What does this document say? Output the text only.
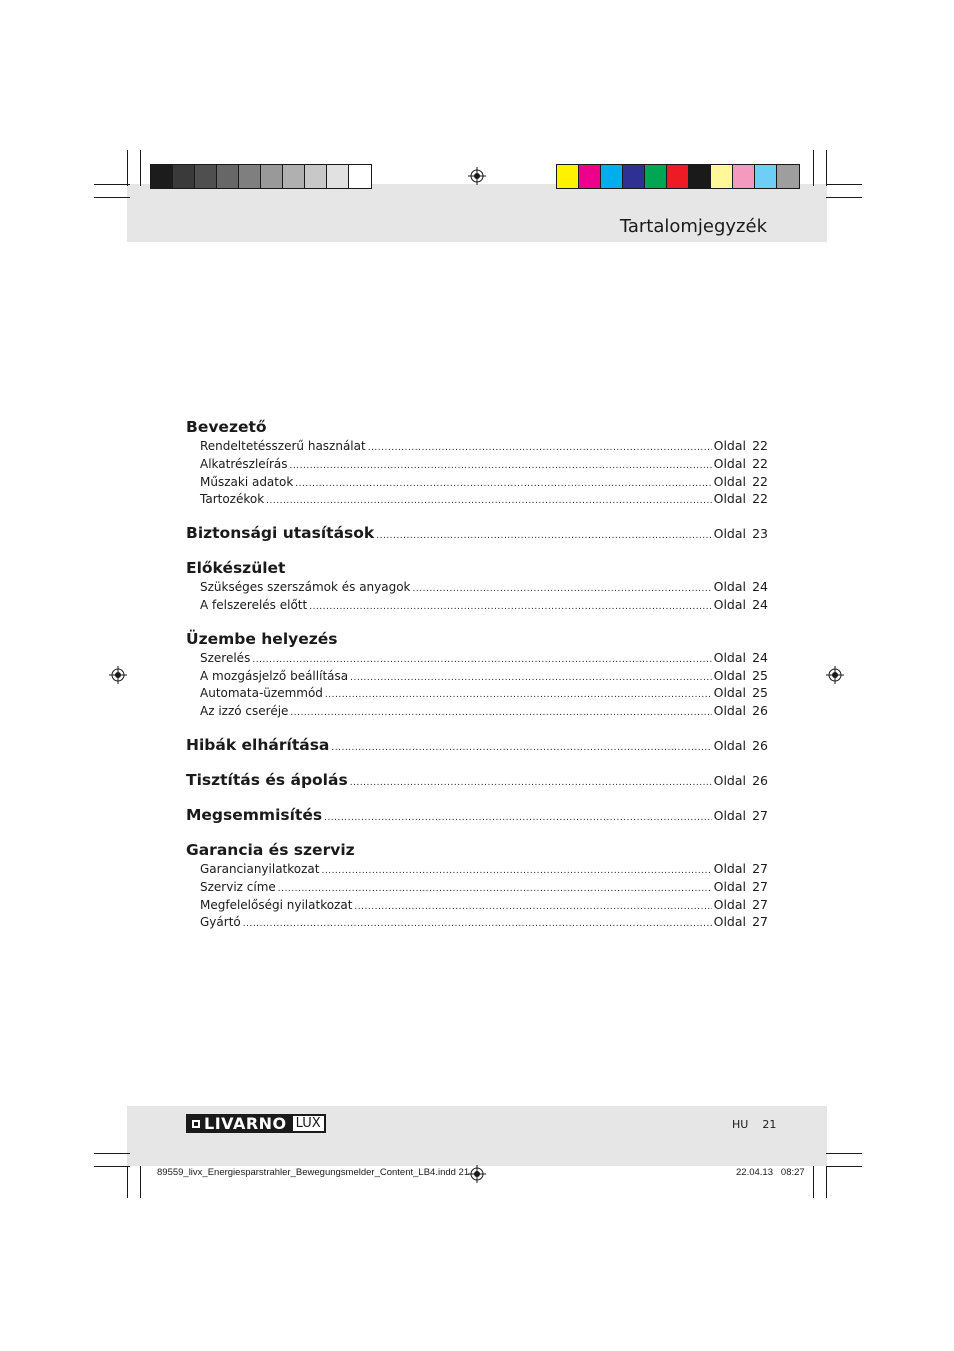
Tartalomjegyzék
Bevezető
Rendeltetésszerű használat .....	Oldal 22
Alkatrészleírás .....	Oldal 22
Műszaki adatok .....	Oldal 22
Tartozékok .....	Oldal 22
Biztonsági utasítások .....	Oldal 23
Előkészület
Szükséges szerszámok és anyagok .....	Oldal 24
A felszerelés előtt .....	Oldal 24
Üzembe helyezés
Szerelés .....	Oldal 24
A mozgásjelző beállítása .....	Oldal 25
Automata-üzemmód .....	Oldal 25
Az izzó cseréje .....	Oldal 26
Hibák elhárítása .....	Oldal 26
Tisztítás és ápolás .....	Oldal 26
Megsemmisítés .....	Oldal 27
Garancia és szerviz
Garancianyilatkozat .....	Oldal 27
Szerviz címe .....	Oldal 27
Megfelelőségi nyilatkozat .....	Oldal 27
Gyártó .....	Oldal 27
LIVARNO LUX	HU 21
89559_livx_Energiesparstrahler_Bewegungsmelder_Content_LB4.indd 21	22.04.13 08:27
